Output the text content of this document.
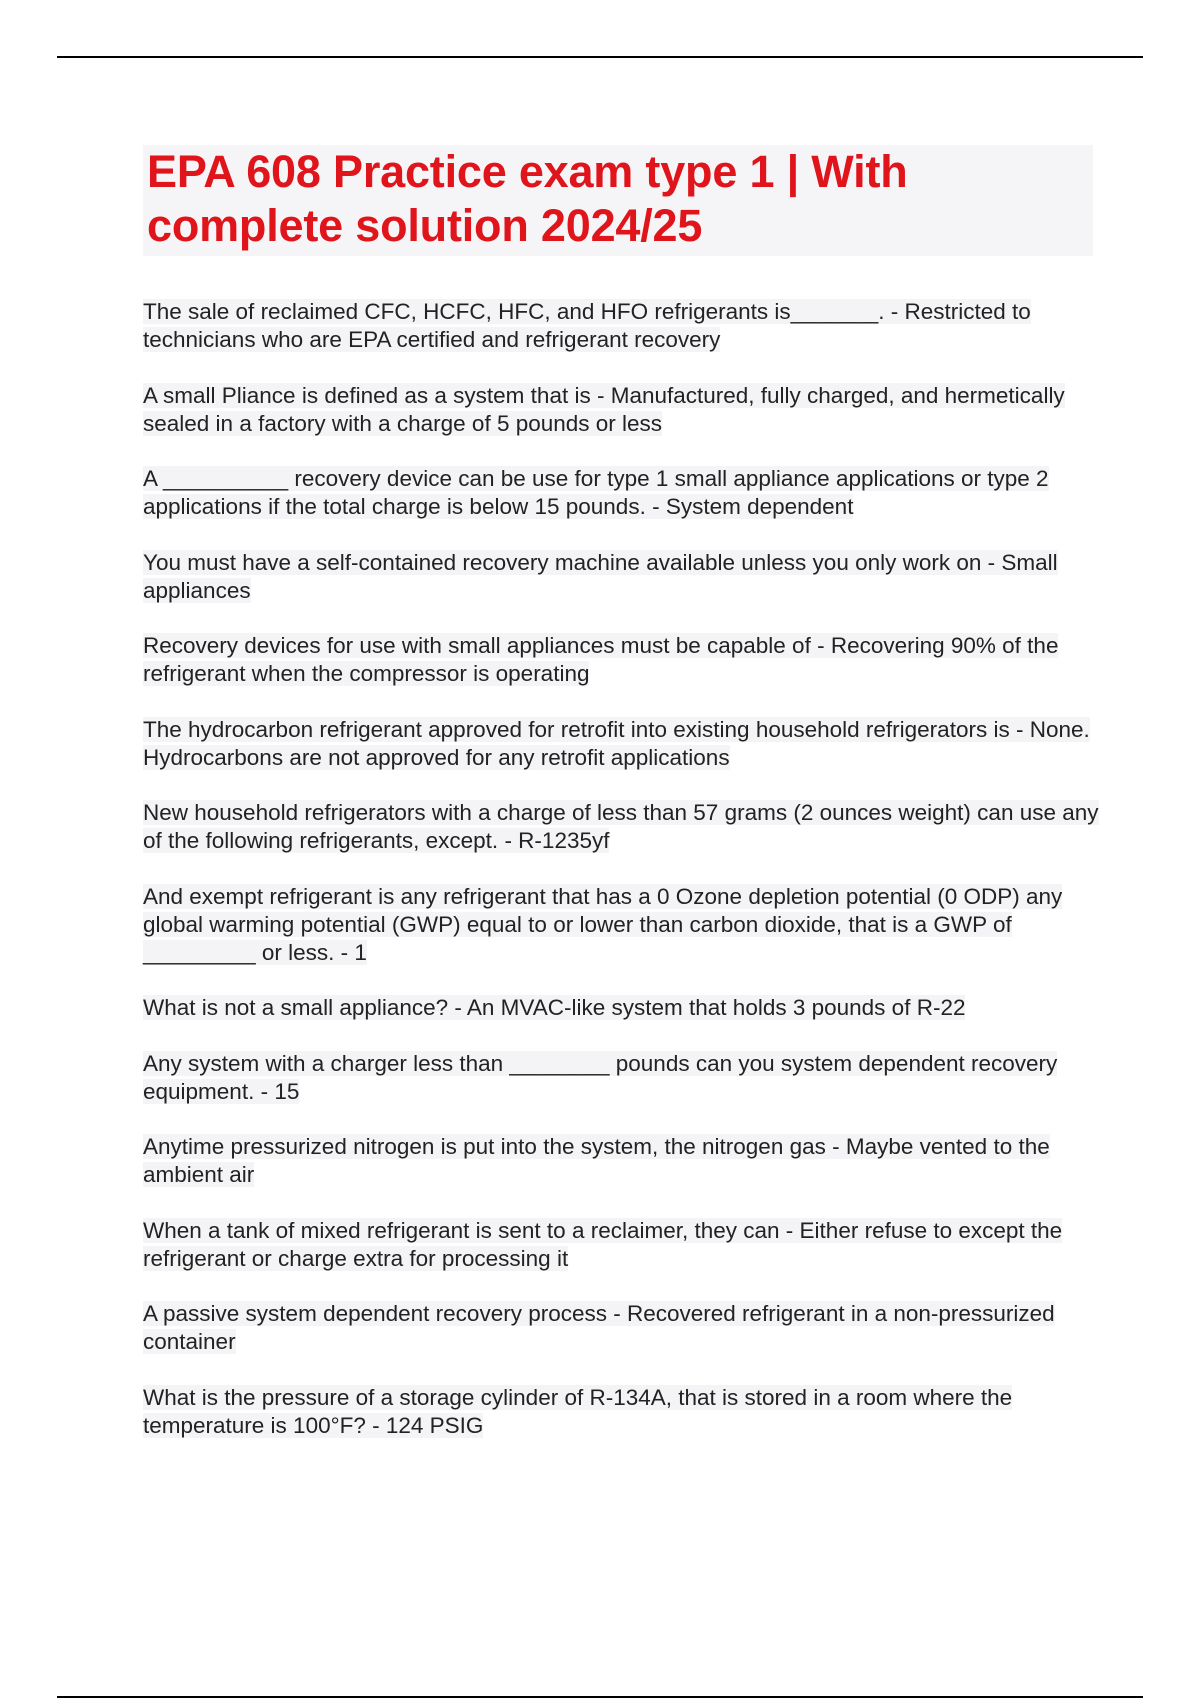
EPA 608 Practice exam type 1 | With complete solution 2024/25

The sale of reclaimed CFC, HCFC, HFC, and HFO refrigerants is_______. - Restricted to technicians who are EPA certified and refrigerant recovery

A small Pliance is defined as a system that is - Manufactured, fully charged, and hermetically sealed in a factory with a charge of 5 pounds or less

A __________ recovery device can be use for type 1 small appliance applications or type 2 applications if the total charge is below 15 pounds. - System dependent

You must have a self-contained recovery machine available unless you only work on - Small appliances

Recovery devices for use with small appliances must be capable of - Recovering 90% of the refrigerant when the compressor is operating

The hydrocarbon refrigerant approved for retrofit into existing household refrigerators is - None. Hydrocarbons are not approved for any retrofit applications

New household refrigerators with a charge of less than 57 grams (2 ounces weight) can use any of the following refrigerants, except. - R-1235yf

And exempt refrigerant is any refrigerant that has a 0 Ozone depletion potential (0 ODP) any global warming potential (GWP) equal to or lower than carbon dioxide, that is a GWP of _________ or less. - 1

What is not a small appliance? - An MVAC-like system that holds 3 pounds of R-22

Any system with a charger less than ________ pounds can you system dependent recovery equipment. - 15

Anytime pressurized nitrogen is put into the system, the nitrogen gas - Maybe vented to the ambient air

When a tank of mixed refrigerant is sent to a reclaimer, they can - Either refuse to except the refrigerant or charge extra for processing it

A passive system dependent recovery process - Recovered refrigerant in a non-pressurized container

What is the pressure of a storage cylinder of R-134A, that is stored in a room where the temperature is 100°F? - 124 PSIG
